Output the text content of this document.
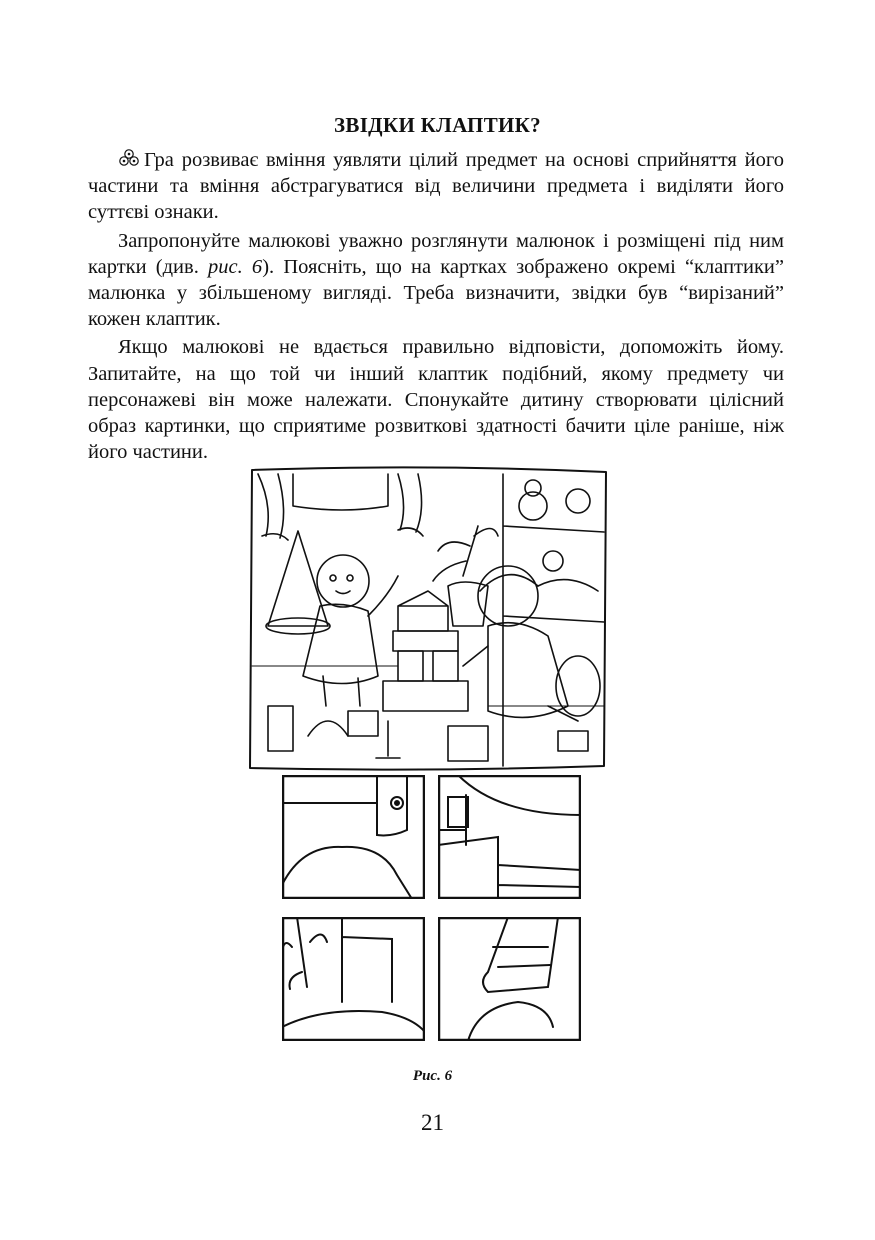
ЗВІДКИ КЛАПТИК?

Гра розвиває вміння уявляти цілий предмет на основі сприйняття його частини та вміння абстрагуватися від величини предмета і виділяти його суттєві ознаки.

Запропонуйте малюкові уважно розглянути малюнок і розміщені під ним картки (див. рис. 6). Поясніть, що на картках зображено окремі “клаптики” малюнка у збільшеному вигляді. Треба визначити, звідки був “вирізаний” кожен клаптик.

Якщо малюкові не вдається правильно відповісти, допоможіть йому. Запитайте, на що той чи інший клаптик подібний, якому предмету чи персонажеві він може належати. Спонукайте дитину створювати цілісний образ картинки, що сприятиме розвиткові здатності бачити ціле раніше, ніж його частини.

Рис. 6
21
